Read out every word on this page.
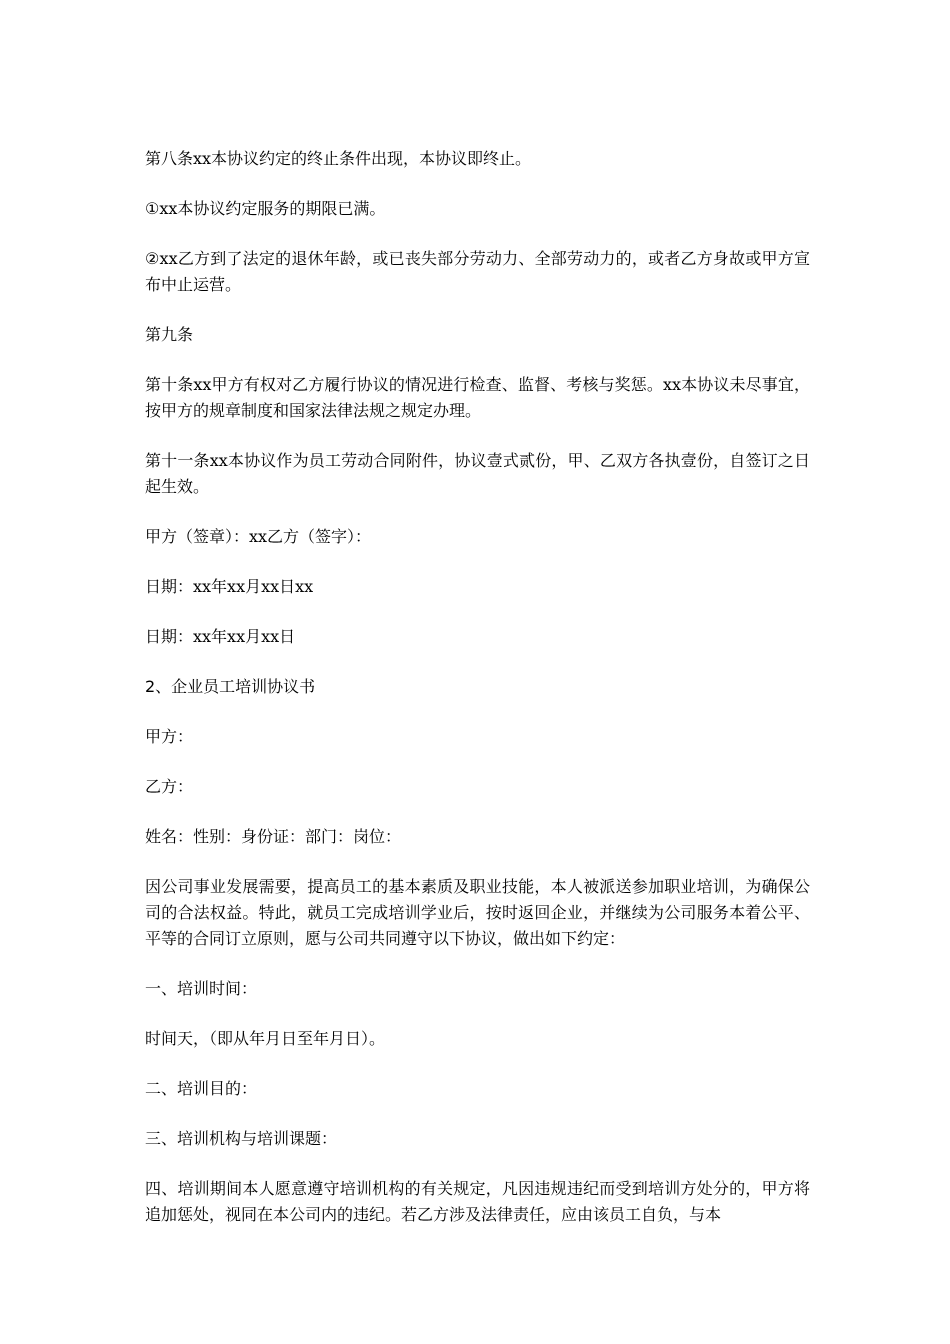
第八条xx本协议约定的终止条件出现，本协议即终止。

①xx本协议约定服务的期限已满。

②xx乙方到了法定的退休年龄，或已丧失部分劳动力、全部劳动力的，或者乙方身故或甲方宣布中止运营。

第九条

第十条xx甲方有权对乙方履行协议的情况进行检查、监督、考核与奖惩。xx本协议未尽事宜，按甲方的规章制度和国家法律法规之规定办理。

第十一条xx本协议作为员工劳动合同附件，协议壹式贰份，甲、乙双方各执壹份，自签订之日起生效。

甲方（签章）：xx乙方（签字）：

日期：xx年xx月xx日xx

日期：xx年xx月xx日

2、企业员工培训协议书

甲方：

乙方：

姓名：性别：身份证：部门：岗位：

因公司事业发展需要，提高员工的基本素质及职业技能，本人被派送参加职业培训，为确保公司的合法权益。特此，就员工完成培训学业后，按时返回企业，并继续为公司服务本着公平、平等的合同订立原则，愿与公司共同遵守以下协议，做出如下约定：

一、培训时间：

时间天，（即从年月日至年月日）。

二、培训目的：

三、培训机构与培训课题：

四、培训期间本人愿意遵守培训机构的有关规定，凡因违规违纪而受到培训方处分的，甲方将追加惩处，视同在本公司内的违纪。若乙方涉及法律责任，应由该员工自负，与本
